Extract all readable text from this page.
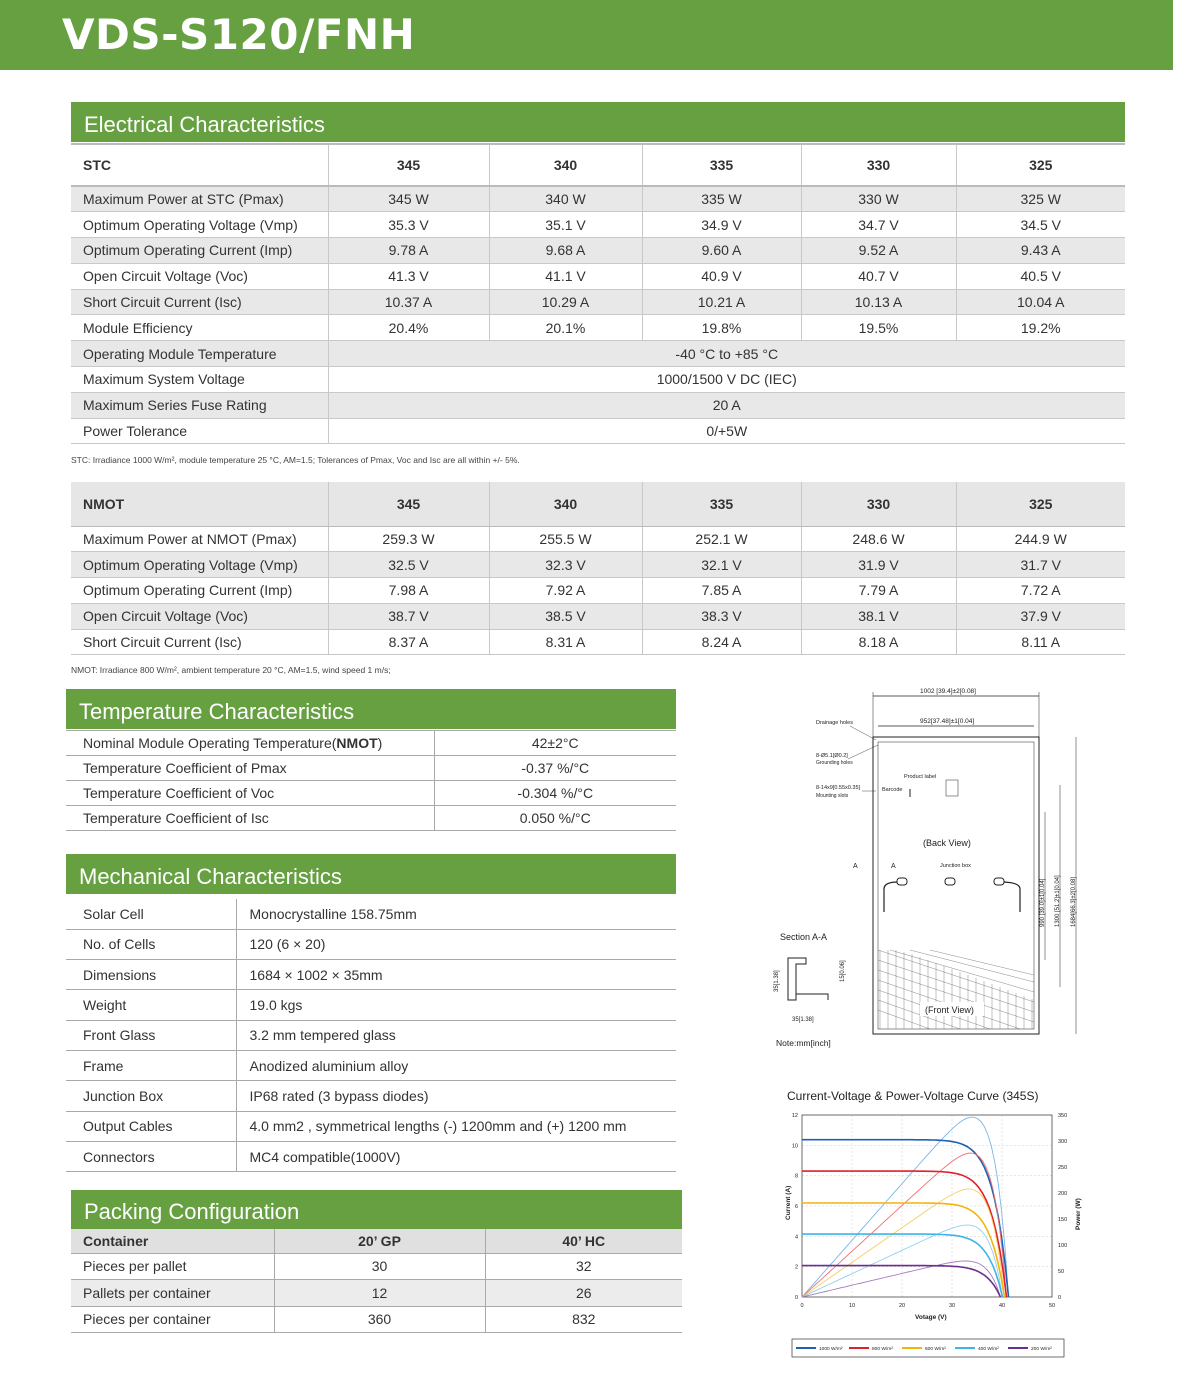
VDS-S120/FNH
Electrical Characteristics
STC	345	340	335	330	325
Maximum Power at STC (Pmax)	345 W	340 W	335 W	330 W	325 W
Optimum Operating Voltage (Vmp)	35.3 V	35.1 V	34.9 V	34.7 V	34.5 V
Optimum Operating Current (Imp)	9.78 A	9.68 A	9.60 A	9.52 A	9.43 A
Open Circuit Voltage (Voc)	41.3 V	41.1 V	40.9 V	40.7 V	40.5 V
Short Circuit Current (Isc)	10.37 A	10.29 A	10.21 A	10.13 A	10.04 A
Module Efficiency	20.4%	20.1%	19.8%	19.5%	19.2%
Operating Module Temperature	-40 °C to +85 °C				
Maximum System Voltage	1000/1500 V DC (IEC)				
Maximum Series Fuse Rating	20 A				
Power Tolerance	0/+5W				
STC: Irradiance 1000 W/m², module temperature 25 °C, AM=1.5; Tolerances of Pmax, Voc and Isc are all within +/- 5%.
NMOT	345	340	335	330	325
Maximum Power at NMOT (Pmax)	259.3 W	255.5 W	252.1 W	248.6 W	244.9 W
Optimum Operating Voltage (Vmp)	32.5 V	32.3 V	32.1 V	31.9 V	31.7 V
Optimum Operating Current (Imp)	7.98 A	7.92 A	7.85 A	7.79 A	7.72 A
Open Circuit Voltage (Voc)	38.7 V	38.5 V	38.3 V	38.1 V	37.9 V
Short Circuit Current (Isc)	8.37 A	8.31 A	8.24 A	8.18 A	8.11 A
NMOT: Irradiance 800 W/m², ambient temperature 20 °C, AM=1.5, wind speed 1 m/s;
Temperature Characteristics
Nominal Module Operating Temperature(NMOT)	42±2°C
Temperature Coefficient of Pmax	-0.37 %/°C
Temperature Coefficient of Voc	-0.304 %/°C
Temperature Coefficient of Isc	0.050 %/°C
Mechanical Characteristics
Solar Cell	Monocrystalline 158.75mm
No. of Cells	120 (6 × 20)
Dimensions	1684 × 1002 × 35mm
Weight	19.0 kgs
Front Glass	3.2 mm tempered glass
Frame	Anodized aluminium alloy
Junction Box	IP68 rated (3 bypass diodes)
Output Cables	4.0 mm2 , symmetrical lengths (-) 1200mm and (+) 1200 mm
Connectors	MC4 compatible(1000V)
Packing Configuration
Container	20’ GP	40’ HC
Pieces per pallet	30	32
Pallets per container	12	26
Pieces per container	360	832
1002 [39.4]±2[0.08]
952[37.48]±1[0.04]
Drainage holes
8-Ø5.1[Ø0.2]
Grounding holes
8-14x9[0.55x0.35]
Mounting slots
Product label
Barcode
(Back View)
Junction box
A	A
990 [39.0]±1[0.04] 1300 [51.2]±1[0.04] 1684[66.3]±2[0.08]
(Front View)
Section A-A
35[1.38]	15[0.06]
35[1.38]
Note:mm[inch]
Current-Voltage & Power-Voltage Curve (345S)
0
2
4
6
8
10
12
0
50
100
150
200
250
300
350
0	10	20	30	40	50
Current (A)	Power (W)
Votage (V)
1000 W/m²	800 W/m²	600 W/m²	400 W/m²	200 W/m²
